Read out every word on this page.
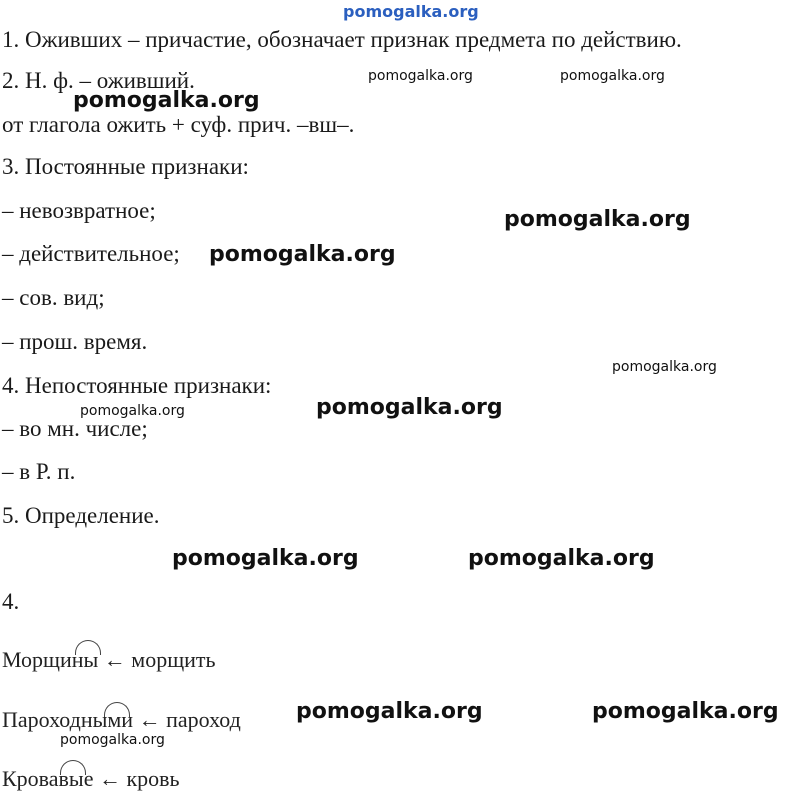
pomogalka.org
1. Оживших – причастие, обозначает признак предмета по действию.
2. Н. ф. – оживший.
от глагола ожить + суф. прич. –вш–.
3. Постоянные признаки:
– невозвратное;
– действительное;
– сов. вид;
– прош. время.
4. Непостоянные признаки:
– во мн. числе;
– в Р. п.
5. Определение.
4.
Морщины ← морщить
Пароходными ← пароход
Кровавые ← кровь
pomogalka.org	pomogalka.org
pomogalka.org
pomogalka.org
pomogalka.org
pomogalka.org
pomogalka.org
pomogalka.org
pomogalka.org	pomogalka.org
pomogalka.org	pomogalka.org
pomogalka.org
